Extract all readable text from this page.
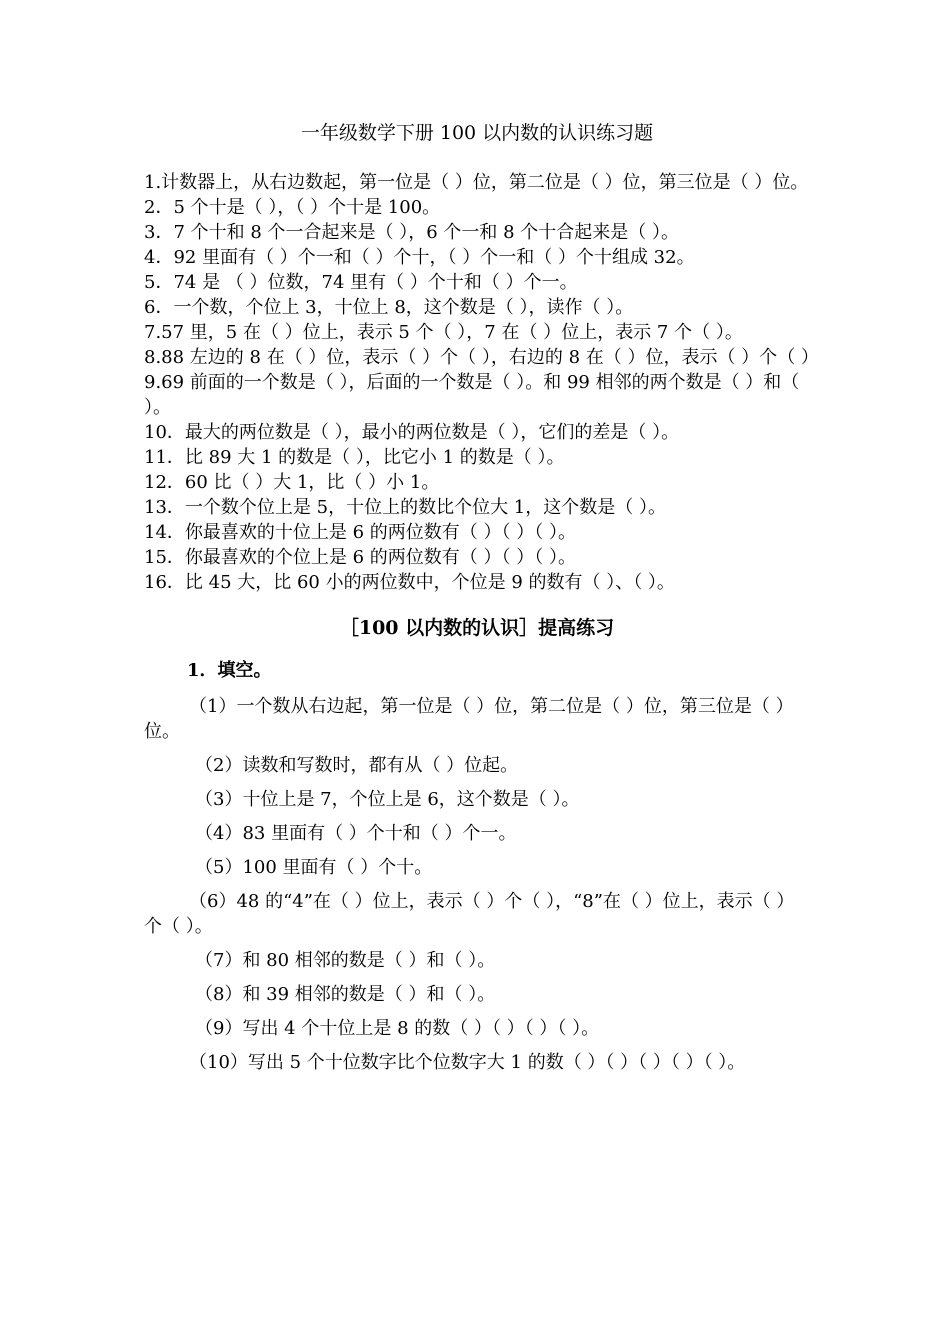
一年级数学下册 100 以内数的认识练习题

1.计数器上，从右边数起，第一位是（ ）位，第二位是（ ）位，第三位是（ ）位。

2．5 个十是（ ），（ ）个十是 100。

3．7 个十和 8 个一合起来是（ ），6 个一和 8 个十合起来是（ ）。

4．92 里面有（ ）个一和（ ）个十，（ ）个一和（ ）个十组成 32。

5．74 是 （ ）位数，74 里有（ ）个十和（ ）个一。

6．一个数，个位上 3，十位上 8，这个数是（ ），读作（ ）。

7.57 里，5 在（ ）位上，表示 5 个（ ），7 在（ ）位上，表示 7 个（ ）。

8.88 左边的 8 在（ ）位，表示（ ）个（ ），右边的 8 在（ ）位，表示（ ）个（ ）

9.69 前面的一个数是（ ），后面的一个数是（ ）。和 99 相邻的两个数是（ ）和（ ）。

10．最大的两位数是（ ），最小的两位数是（ ），它们的差是（ ）。

11．比 89 大 1 的数是（ ），比它小 1 的数是（ ）。

12．60 比（ ）大 1，比（ ）小 1。

13．一个数个位上是 5，十位上的数比个位大 1，这个数是（ ）。

14．你最喜欢的十位上是 6 的两位数有（ ）（ ）（ ）。

15．你最喜欢的个位上是 6 的两位数有（ ）（ ）（ ）。

16．比 45 大，比 60 小的两位数中，个位是 9 的数有（ ）、（ ）。

［100 以内数的认识］提高练习
1．填空。

（1）一个数从右边起，第一位是（ ）位，第二位是（ ）位，第三位是（ ）位。

（2）读数和写数时，都有从（ ）位起。

（3）十位上是 7，个位上是 6，这个数是（ ）。

（4）83 里面有（ ）个十和（ ）个一。

（5）100 里面有（ ）个十。

（6）48 的“4”在（ ）位上，表示（ ）个（ ），“8”在（ ）位上，表示（ ）个（ ）。

（7）和 80 相邻的数是（ ）和（ ）。

（8）和 39 相邻的数是（ ）和（ ）。

（9）写出 4 个十位上是 8 的数（ ）（ ）（ ）（ ）。

（10）写出 5 个十位数字比个位数字大 1 的数（ ）（ ）（ ）（ ）（ ）。
